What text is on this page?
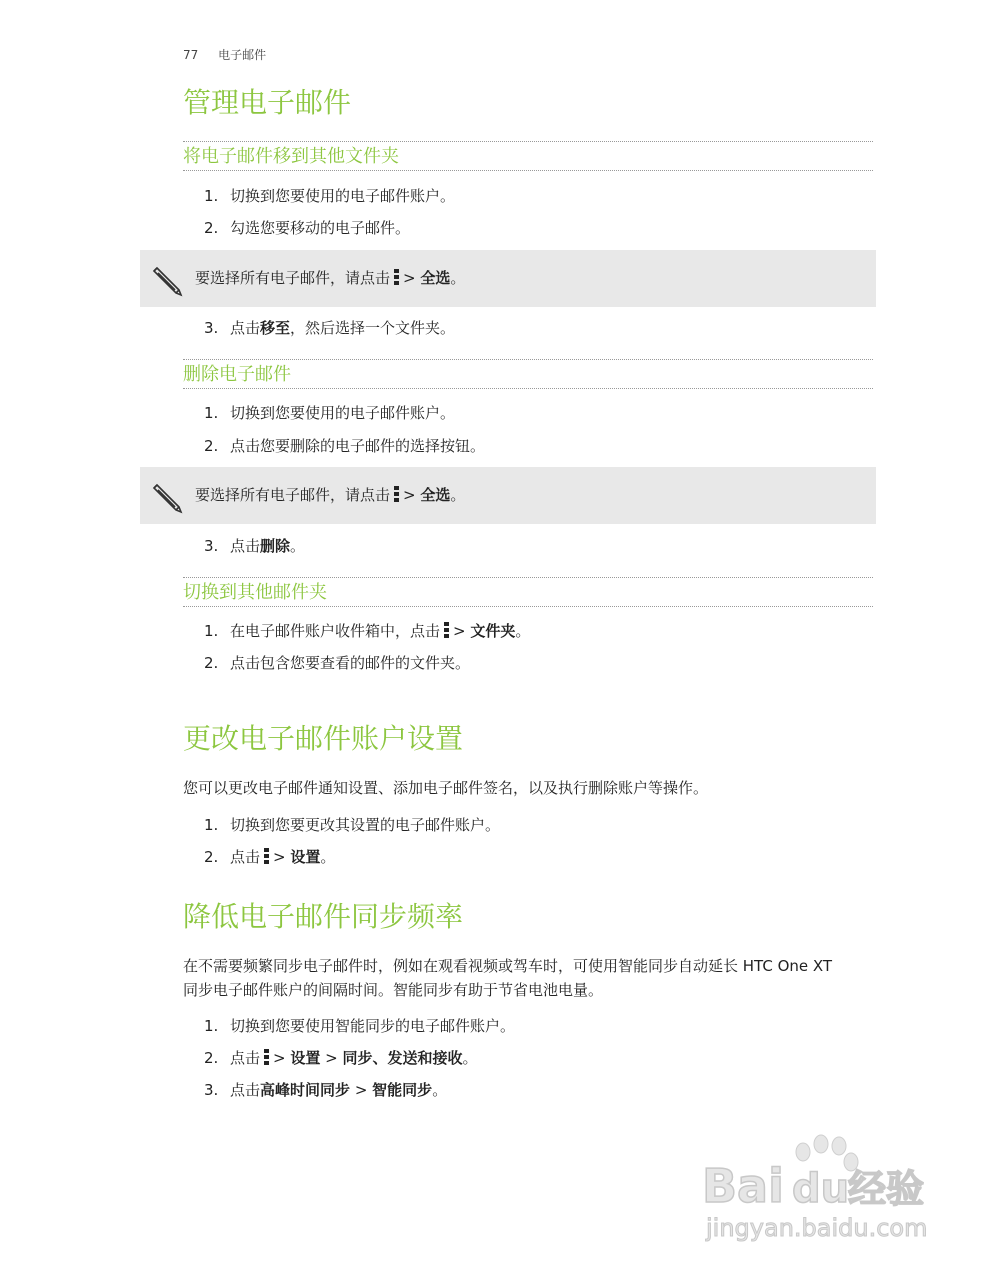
77 电子邮件
管理电子邮件
将电子邮件移到其他文件夹
1. 切换到您要使用的电子邮件账户。
2. 勾选您要移动的电子邮件。
要选择所有电子邮件，请点击 > 全选。
3. 点击移至，然后选择一个文件夹。
删除电子邮件
1. 切换到您要使用的电子邮件账户。
2. 点击您要删除的电子邮件的选择按钮。
要选择所有电子邮件，请点击 > 全选。
3. 点击删除。
切换到其他邮件夹
1. 在电子邮件账户收件箱中，点击 > 文件夹。
2. 点击包含您要查看的邮件的文件夹。
更改电子邮件账户设置
您可以更改电子邮件通知设置、添加电子邮件签名，以及执行删除账户等操作。
1. 切换到您要更改其设置的电子邮件账户。
2. 点击 > 设置。
降低电子邮件同步频率
在不需要频繁同步电子邮件时，例如在观看视频或驾车时，可使用智能同步自动延长 HTC One XT
同步电子邮件账户的间隔时间。智能同步有助于节省电池电量。
1. 切换到您要使用智能同步的电子邮件账户。
2. 点击 > 设置 > 同步、发送和接收。
3. 点击高峰时间同步 > 智能同步。
Bai du
经验
jingyan.baidu.com
